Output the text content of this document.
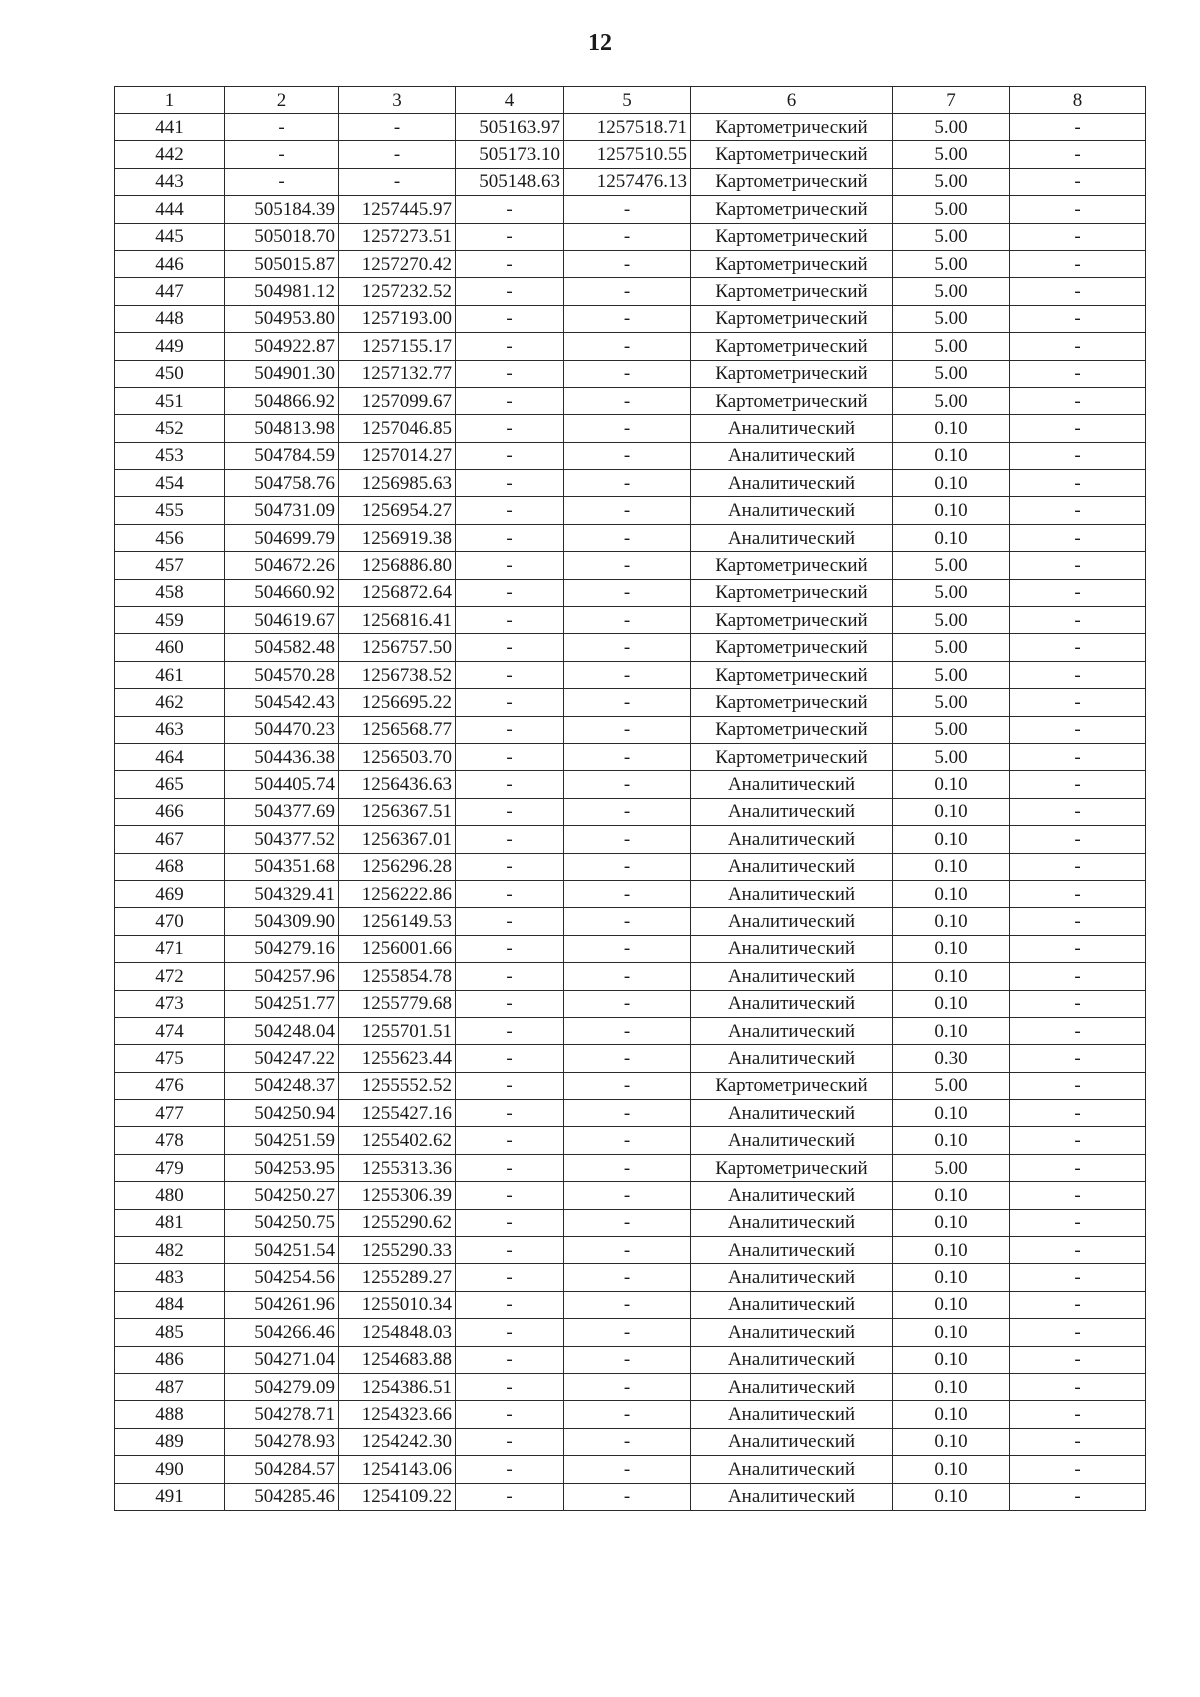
12
1	2	3	4	5	6	7	8
441	-	-	505163.97	1257518.71	Картометрический	5.00	-
442	-	-	505173.10	1257510.55	Картометрический	5.00	-
443	-	-	505148.63	1257476.13	Картометрический	5.00	-
444	505184.39	1257445.97	-	-	Картометрический	5.00	-
445	505018.70	1257273.51	-	-	Картометрический	5.00	-
446	505015.87	1257270.42	-	-	Картометрический	5.00	-
447	504981.12	1257232.52	-	-	Картометрический	5.00	-
448	504953.80	1257193.00	-	-	Картометрический	5.00	-
449	504922.87	1257155.17	-	-	Картометрический	5.00	-
450	504901.30	1257132.77	-	-	Картометрический	5.00	-
451	504866.92	1257099.67	-	-	Картометрический	5.00	-
452	504813.98	1257046.85	-	-	Аналитический	0.10	-
453	504784.59	1257014.27	-	-	Аналитический	0.10	-
454	504758.76	1256985.63	-	-	Аналитический	0.10	-
455	504731.09	1256954.27	-	-	Аналитический	0.10	-
456	504699.79	1256919.38	-	-	Аналитический	0.10	-
457	504672.26	1256886.80	-	-	Картометрический	5.00	-
458	504660.92	1256872.64	-	-	Картометрический	5.00	-
459	504619.67	1256816.41	-	-	Картометрический	5.00	-
460	504582.48	1256757.50	-	-	Картометрический	5.00	-
461	504570.28	1256738.52	-	-	Картометрический	5.00	-
462	504542.43	1256695.22	-	-	Картометрический	5.00	-
463	504470.23	1256568.77	-	-	Картометрический	5.00	-
464	504436.38	1256503.70	-	-	Картометрический	5.00	-
465	504405.74	1256436.63	-	-	Аналитический	0.10	-
466	504377.69	1256367.51	-	-	Аналитический	0.10	-
467	504377.52	1256367.01	-	-	Аналитический	0.10	-
468	504351.68	1256296.28	-	-	Аналитический	0.10	-
469	504329.41	1256222.86	-	-	Аналитический	0.10	-
470	504309.90	1256149.53	-	-	Аналитический	0.10	-
471	504279.16	1256001.66	-	-	Аналитический	0.10	-
472	504257.96	1255854.78	-	-	Аналитический	0.10	-
473	504251.77	1255779.68	-	-	Аналитический	0.10	-
474	504248.04	1255701.51	-	-	Аналитический	0.10	-
475	504247.22	1255623.44	-	-	Аналитический	0.30	-
476	504248.37	1255552.52	-	-	Картометрический	5.00	-
477	504250.94	1255427.16	-	-	Аналитический	0.10	-
478	504251.59	1255402.62	-	-	Аналитический	0.10	-
479	504253.95	1255313.36	-	-	Картометрический	5.00	-
480	504250.27	1255306.39	-	-	Аналитический	0.10	-
481	504250.75	1255290.62	-	-	Аналитический	0.10	-
482	504251.54	1255290.33	-	-	Аналитический	0.10	-
483	504254.56	1255289.27	-	-	Аналитический	0.10	-
484	504261.96	1255010.34	-	-	Аналитический	0.10	-
485	504266.46	1254848.03	-	-	Аналитический	0.10	-
486	504271.04	1254683.88	-	-	Аналитический	0.10	-
487	504279.09	1254386.51	-	-	Аналитический	0.10	-
488	504278.71	1254323.66	-	-	Аналитический	0.10	-
489	504278.93	1254242.30	-	-	Аналитический	0.10	-
490	504284.57	1254143.06	-	-	Аналитический	0.10	-
491	504285.46	1254109.22	-	-	Аналитический	0.10	-
